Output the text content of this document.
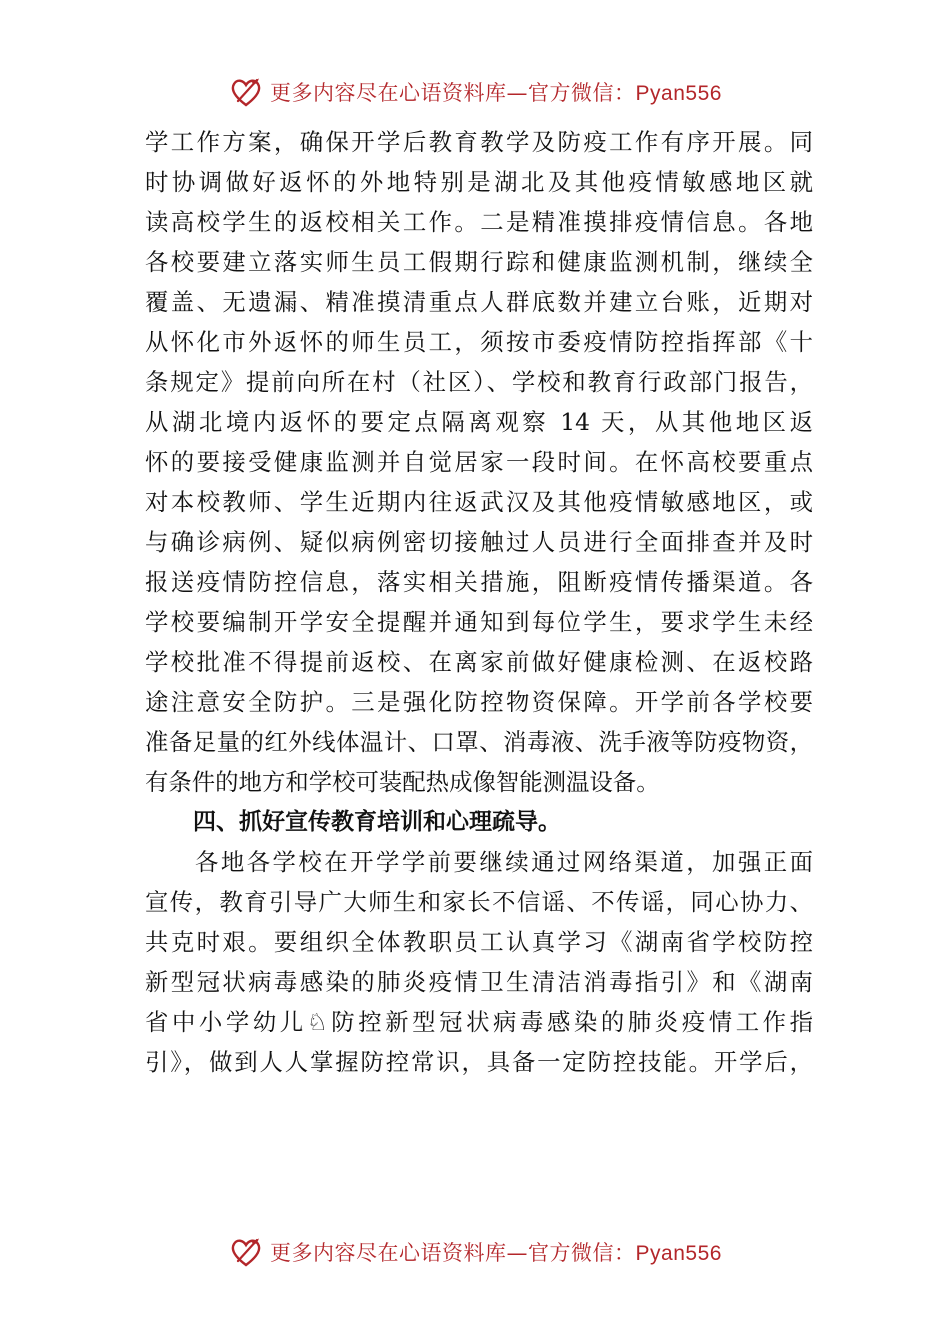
更多内容尽在心语资料库—官方微信：Pyan556
学工作方案，确保开学后教育教学及防疫工作有序开展。同
时协调做好返怀的外地特别是湖北及其他疫情敏感地区就
读高校学生的返校相关工作。二是精准摸排疫情信息。各地
各校要建立落实师生员工假期行踪和健康监测机制，继续全
覆盖、无遗漏、精准摸清重点人群底数并建立台账，近期对
从怀化市外返怀的师生员工，须按市委疫情防控指挥部《十
条规定》提前向所在村（社区）、学校和教育行政部门报告，
从湖北境内返怀的要定点隔离观察 14 天，从其他地区返
怀的要接受健康监测并自觉居家一段时间。在怀高校要重点
对本校教师、学生近期内往返武汉及其他疫情敏感地区，或
与确诊病例、疑似病例密切接触过人员进行全面排查并及时
报送疫情防控信息，落实相关措施，阻断疫情传播渠道。各
学校要编制开学安全提醒并通知到每位学生，要求学生未经
学校批准不得提前返校、在离家前做好健康检测、在返校路
途注意安全防护。三是强化防控物资保障。开学前各学校要
准备足量的红外线体温计、口罩、消毒液、洗手液等防疫物资，
有条件的地方和学校可装配热成像智能测温设备。
四、抓好宣传教育培训和心理疏导。
各地各学校在开学学前要继续通过网络渠道，加强正面
宣传，教育引导广大师生和家长不信谣、不传谣，同心协力、
共克时艰。要组织全体教职员工认真学习《湖南省学校防控
新型冠状病毒感染的肺炎疫情卫生清洁消毒指引》和《湖南
省中小学幼儿♘防控新型冠状病毒感染的肺炎疫情工作指
引》，做到人人掌握防控常识，具备一定防控技能。开学后，
更多内容尽在心语资料库—官方微信：Pyan556
